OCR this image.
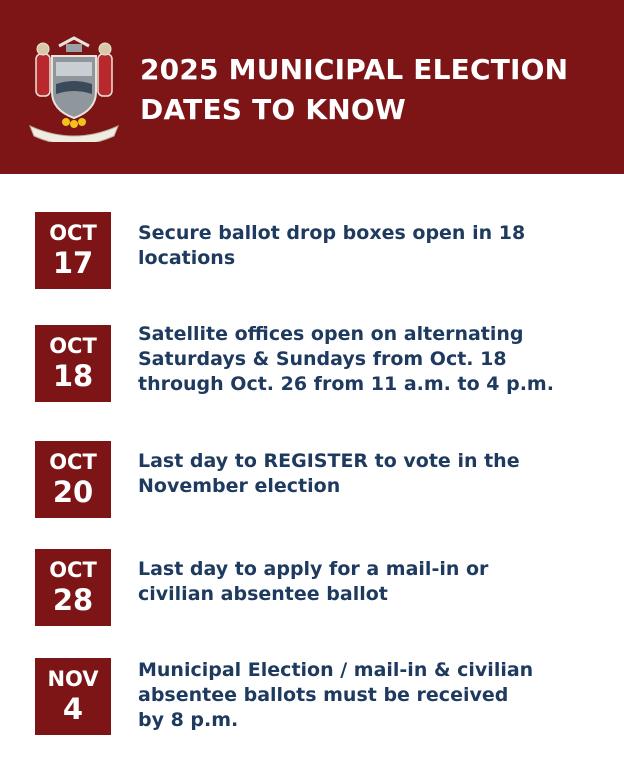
2025 MUNICIPAL ELECTION
DATES TO KNOW
OCT
17
Secure ballot drop boxes open in 18
locations
OCT
18
Satellite offices open on alternating
Saturdays & Sundays from Oct. 18
through Oct. 26 from 11 a.m. to 4 p.m.
OCT
20
Last day to REGISTER to vote in the
November election
OCT
28
Last day to apply for a mail-in or
civilian absentee ballot
NOV
4
Municipal Election / mail-in & civilian
absentee ballots must be received
by 8 p.m.
